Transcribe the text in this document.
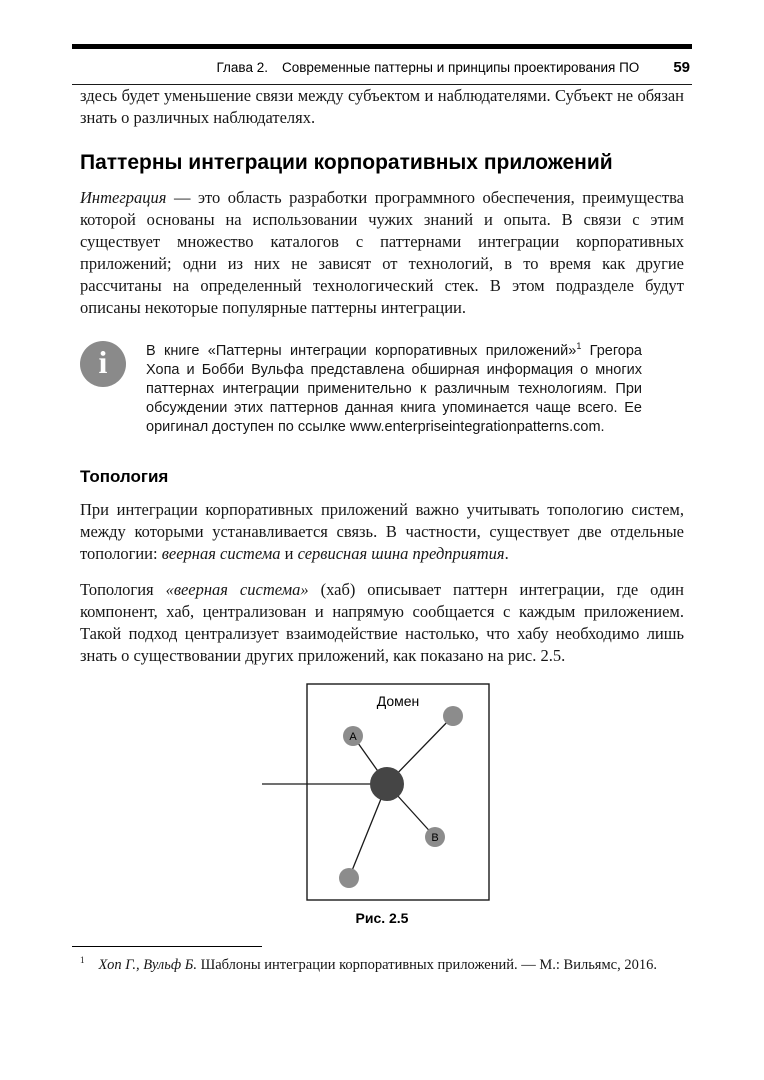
Глава 2. Современные паттерны и принципы проектирования ПО 59

здесь будет уменьшение связи между субъектом и наблюдателями. Субъект не обязан знать о различных наблюдателях.

Паттерны интеграции корпоративных приложений

Интеграция — это область разработки программного обеспечения, преимущества которой основаны на использовании чужих знаний и опыта. В связи с этим существует множество каталогов с паттернами интеграции корпоративных приложений; одни из них не зависят от технологий, в то время как другие рассчитаны на определенный технологический стек. В этом подразделе будут описаны некоторые популярные паттерны интеграции.

i	В книге «Паттерны интеграции корпоративных приложений»$^1$ Грегора Хопа и Бобби Вульфа представлена обширная информация о многих паттернах интеграции применительно к различным технологиям. При обсуждении этих паттернов данная книга упоминается чаще всего. Ее оригинал доступен по ссылке www.enterpriseintegrationpatterns.com.
Топология

При интеграции корпоративных приложений важно учитывать топологию систем, между которыми устанавливается связь. В частности, существует две отдельные топологии: веерная система и сервисная шина предприятия.

Топология «веерная система» (хаб) описывает паттерн интеграции, где один компонент, хаб, централизован и напрямую сообщается с каждым приложением. Такой подход централизует взаимодействие настолько, что хабу необходимо лишь знать о существовании других приложений, как показано на рис. 2.5.

Домен
A
B
Рис. 2.5
$^1$ Хоп Г., Вульф Б. Шаблоны интеграции корпоративных приложений. — М.: Вильямс, 2016.
